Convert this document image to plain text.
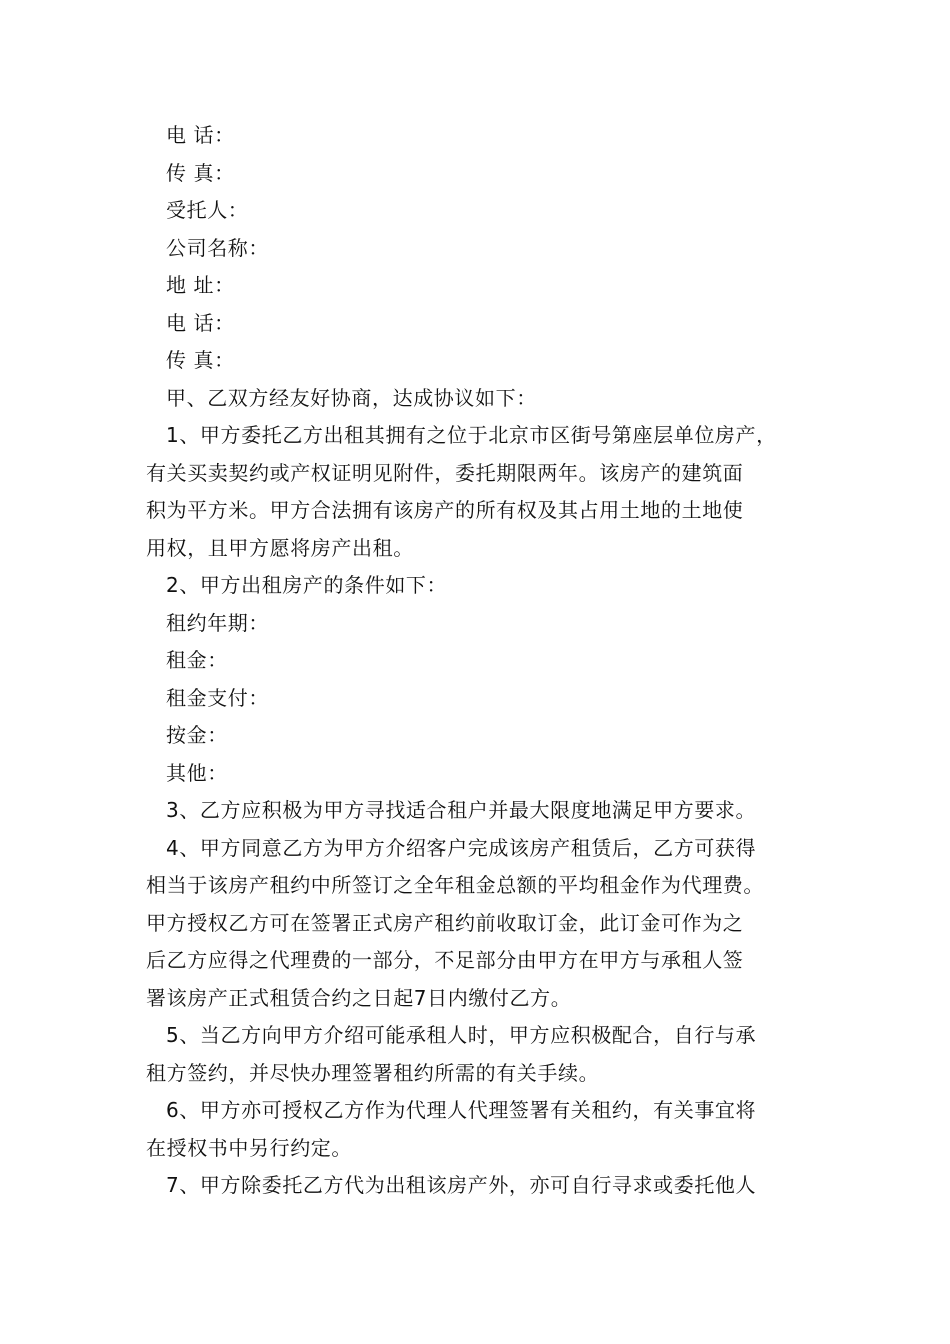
电 话：
传 真：
受托人：
公司名称：
地 址：
电 话：
传 真：
甲、乙双方经友好协商，达成协议如下：
1、甲方委托乙方出租其拥有之位于北京市区街号第座层单位房产，
有关买卖契约或产权证明见附件，委托期限两年。该房产的建筑面
积为平方米。甲方合法拥有该房产的所有权及其占用土地的土地使
用权，且甲方愿将房产出租。
2、甲方出租房产的条件如下：
租约年期：
租金：
租金支付：
按金：
其他：
3、乙方应积极为甲方寻找适合租户并最大限度地满足甲方要求。
4、甲方同意乙方为甲方介绍客户完成该房产租赁后，乙方可获得
相当于该房产租约中所签订之全年租金总额的平均租金作为代理费。
甲方授权乙方可在签署正式房产租约前收取订金，此订金可作为之
后乙方应得之代理费的一部分，不足部分由甲方在甲方与承租人签
署该房产正式租赁合约之日起7日内缴付乙方。
5、当乙方向甲方介绍可能承租人时，甲方应积极配合，自行与承
租方签约，并尽快办理签署租约所需的有关手续。
6、甲方亦可授权乙方作为代理人代理签署有关租约，有关事宜将
在授权书中另行约定。
7、甲方除委托乙方代为出租该房产外，亦可自行寻求或委托他人
